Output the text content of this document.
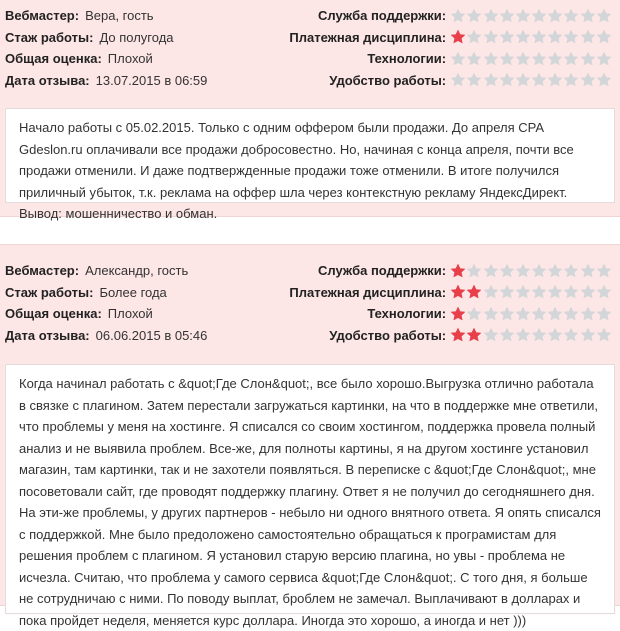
Вебмастер: Вера, гость
Стаж работы: До полугода
Общая оценка: Плохой
Дата отзыва: 13.07.2015 в 06:59
Служба поддержки:
Платежная дисциплина:
Технологии:
Удобство работы:
Начало работы с 05.02.2015. Только с одним оффером были продажи. До апреля CPA Gdeslon.ru оплачивали все продажи добросовестно. Но, начиная с конца апреля, почти все продажи отменили. И даже подтвержденные продажи тоже отменили. В итоге получился приличный убыток, т.к. реклама на оффер шла через контекстную рекламу ЯндексДирект. Вывод: мошенничество и обман.
Вебмастер: Александр, гость
Стаж работы: Более года
Общая оценка: Плохой
Дата отзыва: 06.06.2015 в 05:46
Служба поддержки:
Платежная дисциплина:
Технологии:
Удобство работы:
Когда начинал работать с &quot;Где Слон&quot;, все было хорошо.Выгрузка отлично работала в связке с плагином. Затем перестали загружаться картинки, на что в поддержке мне ответили, что проблемы у меня на хостинге. Я списался со своим хостингом, поддержка провела полный анализ и не выявила проблем. Все-же, для полноты картины, я на другом хостинге установил магазин, там картинки, так и не захотели появляться. В переписке с &quot;Где Слон&quot;, мне посоветовали сайт, где проводят поддержку плагину. Ответ я не получил до сегодняшнего дня. На эти-же проблемы, у других партнеров - небыло ни одного внятного ответа. Я опять списался с поддержкой. Мне было предоложено самостоятельно обращаться к програмистам для решения проблем с плагином. Я установил старую версию плагина, но увы - проблема не исчезла. Считаю, что проблема у самого сервиса &quot;Где Слон&quot;. С того дня, я больше не сотрудничаю с ними. По поводу выплат, броблем не замечал. Выплачивают в долларах и пока пройдет неделя, меняется курс доллара. Иногда это хорошо, а иногда и нет )))
